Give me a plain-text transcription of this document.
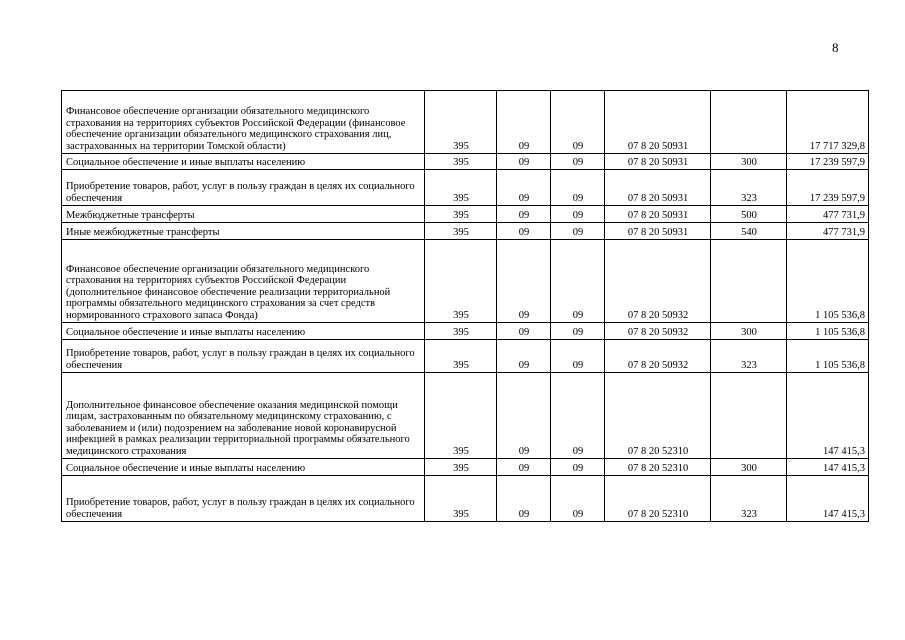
8
Финансовое обеспечение организации обязательного медицинского страхования на территориях субъектов Российской Федерации (финансовое обеспечение организации обязательного медицинского страхования лиц, застрахованных на территории Томской области)	395	09	09	07 8 20 50931		17 717 329,8
Социальное обеспечение и иные выплаты населению	395	09	09	07 8 20 50931	300	17 239 597,9
Приобретение товаров, работ, услуг в пользу граждан в целях их социального обеспечения	395	09	09	07 8 20 50931	323	17 239 597,9
Межбюджетные трансферты	395	09	09	07 8 20 50931	500	477 731,9
Иные межбюджетные трансферты	395	09	09	07 8 20 50931	540	477 731,9
Финансовое обеспечение организации обязательного медицинского страхования на территориях субъектов Российской Федерации (дополнительное финансовое обеспечение реализации территориальной программы обязательного медицинского страхования за счет средств нормированного страхового запаса Фонда)	395	09	09	07 8 20 50932		1 105 536,8
Социальное обеспечение и иные выплаты населению	395	09	09	07 8 20 50932	300	1 105 536,8
Приобретение товаров, работ, услуг в пользу граждан в целях их социального обеспечения	395	09	09	07 8 20 50932	323	1 105 536,8
Дополнительное финансовое обеспечение оказания медицинской помощи лицам, застрахованным по обязательному медицинскому страхованию, с заболеванием и (или) подозрением на заболевание новой коронавирусной инфекцией в рамках реализации территориальной программы обязательного медицинского страхования	395	09	09	07 8 20 52310		147 415,3
Социальное обеспечение и иные выплаты населению	395	09	09	07 8 20 52310	300	147 415,3
Приобретение товаров, работ, услуг в пользу граждан в целях их социального обеспечения	395	09	09	07 8 20 52310	323	147 415,3
